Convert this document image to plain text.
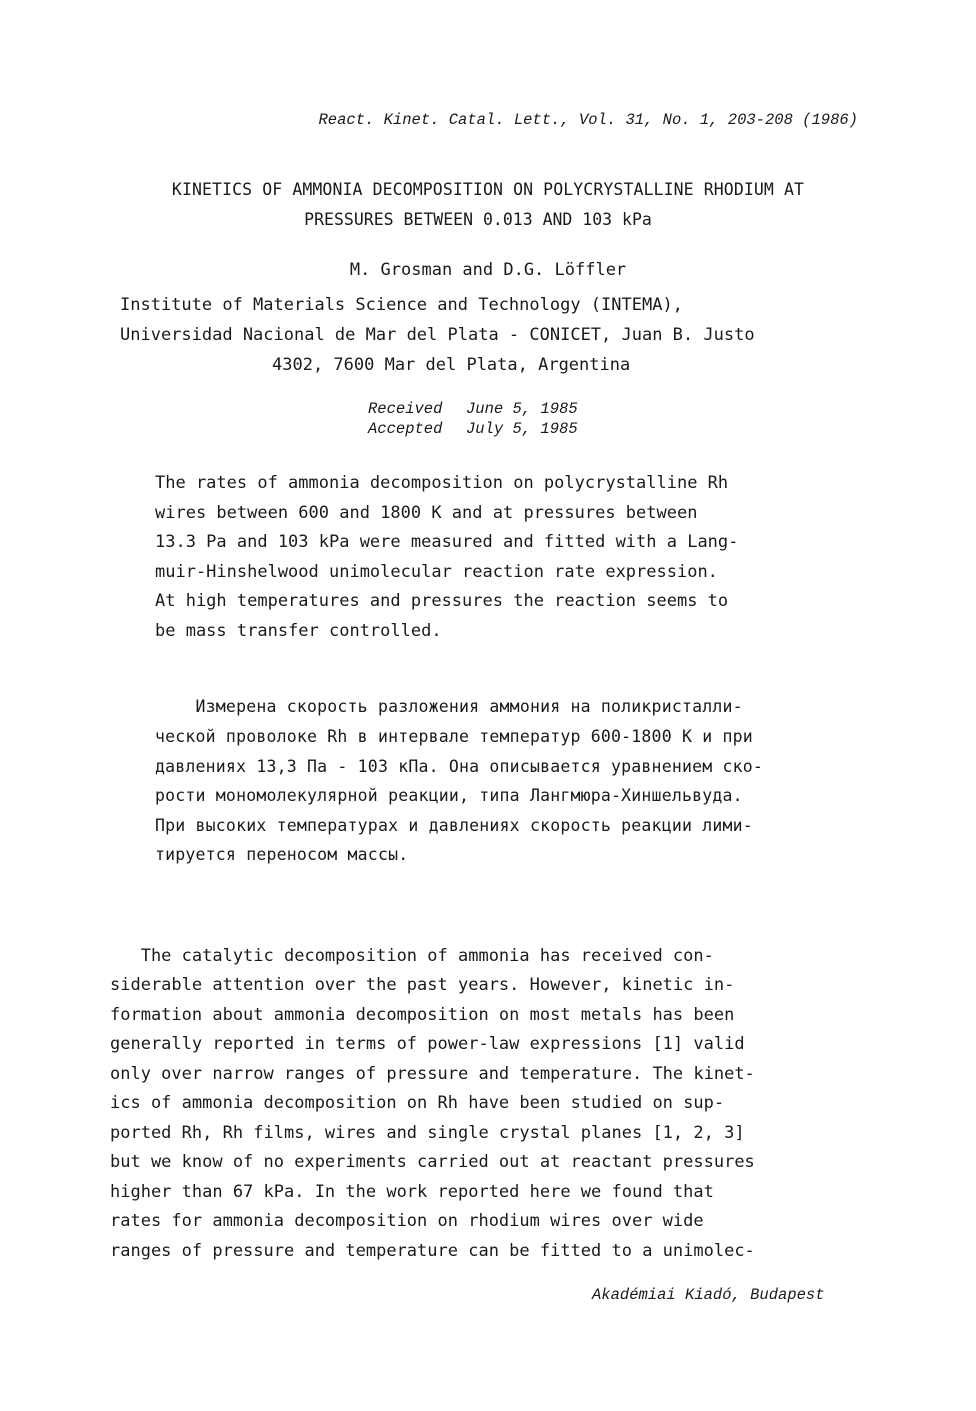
React. Kinet. Catal. Lett., Vol. 31, No. 1, 203-208 (1986)
KINETICS OF AMMONIA DECOMPOSITION ON POLYCRYSTALLINE RHODIUM AT
PRESSURES BETWEEN 0.013 AND 103 kPa
M. Grosman and D.G. Löffler
Institute of Materials Science and Technology (INTEMA),
Universidad Nacional de Mar del Plata - CONICET, Juan B. Justo
4302, 7600 Mar del Plata, Argentina
Received June 5, 1985
Accepted July 5, 1985
The rates of ammonia decomposition on polycrystalline Rh
wires between 600 and 1800 K and at pressures between
13.3 Pa and 103 kPa were measured and fitted with a Lang-
muir-Hinshelwood unimolecular reaction rate expression.
At high temperatures and pressures the reaction seems to
be mass transfer controlled.
Измерена скорость разложения аммония на поликристалли-
ческой проволоке Rh в интервале температур 600-1800 K и при
давлениях 13,3 Па - 103 кПа. Она описывается уравнением ско-
рости мономолекулярной реакции, типа Лангмюра-Хиншельвуда.
При высоких температурах и давлениях скорость реакции лими-
тируется переносом массы.
The catalytic decomposition of ammonia has received con-
siderable attention over the past years. However, kinetic in-
formation about ammonia decomposition on most metals has been
generally reported in terms of power-law expressions [1] valid
only over narrow ranges of pressure and temperature. The kinet-
ics of ammonia decomposition on Rh have been studied on sup-
ported Rh, Rh films, wires and single crystal planes [1, 2, 3]
but we know of no experiments carried out at reactant pressures
higher than 67 kPa. In the work reported here we found that
rates for ammonia decomposition on rhodium wires over wide
ranges of pressure and temperature can be fitted to a unimolec-
Akadémiai Kiadó, Budapest
